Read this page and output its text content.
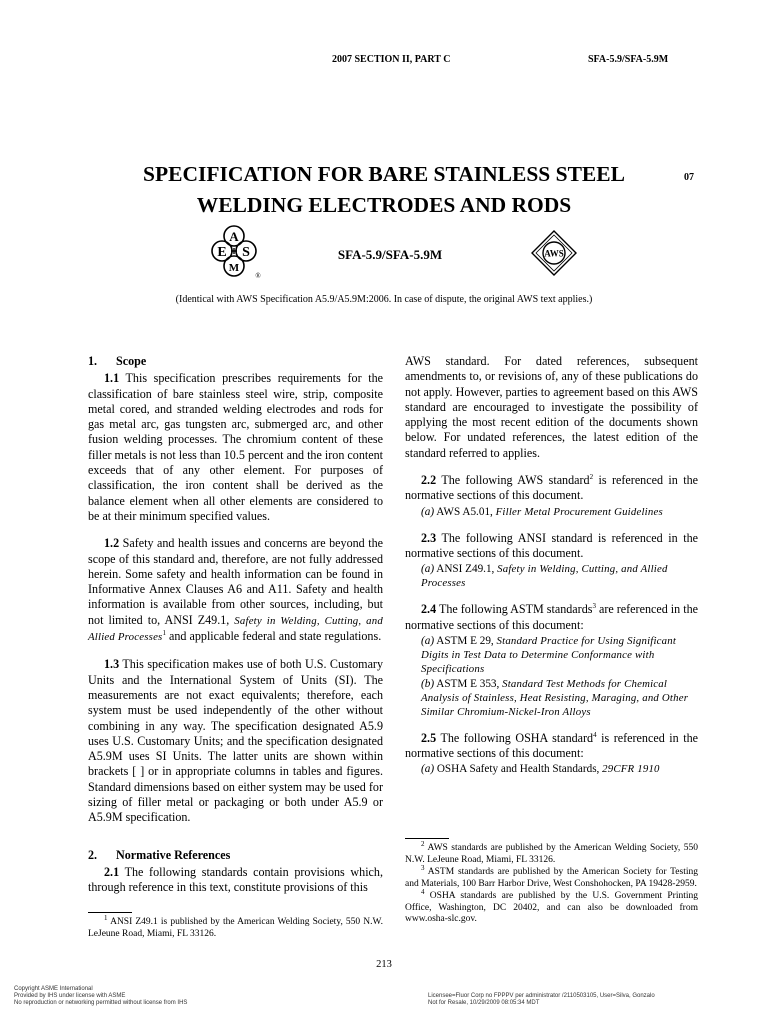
2007 SECTION II, PART C	SFA-5.9/SFA-5.9M
SPECIFICATION FOR BARE STAINLESS STEEL
WELDING ELECTRODES AND RODS
07
A
E S
M
®
SFA-5.9/SFA-5.9M	AWS
(Identical with AWS Specification A5.9/A5.9M:2006. In case of dispute, the original AWS text applies.)

1. Scope

1.1 This specification prescribes requirements for the classification of bare stainless steel wire, strip, composite metal cored, and stranded welding electrodes and rods for gas metal arc, gas tungsten arc, submerged arc, and other fusion welding processes. The chromium content of these filler metals is not less than 10.5 percent and the iron content exceeds that of any other element. For purposes of classification, the iron content shall be derived as the balance element when all other elements are considered to be at their minimum specified values.

1.2 Safety and health issues and concerns are beyond the scope of this standard and, therefore, are not fully addressed herein. Some safety and health information can be found in Informative Annex Clauses A6 and A11. Safety and health information is available from other sources, including, but not limited to, ANSI Z49.1, Safety in Welding, Cutting, and Allied Processes$^1$ and applicable federal and state regulations.

1.3 This specification makes use of both U.S. Customary Units and the International System of Units (SI). The measurements are not exact equivalents; therefore, each system must be used independently of the other without combining in any way. The specification designated A5.9 uses U.S. Customary Units; and the specification designated A5.9M uses SI Units. The latter units are shown within brackets [ ] or in appropriate columns in tables and figures. Standard dimensions based on either system may be used for sizing of filler metal or packaging or both under A5.9 or A5.9M specification.

2. Normative References

2.1 The following standards contain provisions which, through reference in this text, constitute provisions of this

$^1$ ANSI Z49.1 is published by the American Welding Society, 550 N.W. LeJeune Road, Miami, FL 33126.

AWS standard. For dated references, subsequent amendments to, or revisions of, any of these publications do not apply. However, parties to agreement based on this AWS standard are encouraged to investigate the possibility of applying the most recent edition of the documents shown below. For undated references, the latest edition of the standard referred to applies.

2.2 The following AWS standard$^2$ is referenced in the normative sections of this document.

(a) AWS A5.01, Filler Metal Procurement Guidelines

2.3 The following ANSI standard is referenced in the normative sections of this document.

(a) ANSI Z49.1, Safety in Welding, Cutting, and Allied Processes

2.4 The following ASTM standards$^3$ are referenced in the normative sections of this document:

(a) ASTM E 29, Standard Practice for Using Significant Digits in Test Data to Determine Conformance with Specifications

(b) ASTM E 353, Standard Test Methods for Chemical Analysis of Stainless, Heat Resisting, Maraging, and Other Similar Chromium-Nickel-Iron Alloys

2.5 The following OSHA standard$^4$ is referenced in the normative sections of this document:

(a) OSHA Safety and Health Standards, 29CFR 1910

$^2$ AWS standards are published by the American Welding Society, 550 N.W. LeJeune Road, Miami, FL 33126.

$^3$ ASTM standards are published by the American Society for Testing and Materials, 100 Barr Harbor Drive, West Conshohocken, PA 19428-2959.

$^4$ OSHA standards are published by the U.S. Government Printing Office, Washington, DC 20402, and can also be downloaded from www.osha-slc.gov.

213
Copyright ASME International
Provided by IHS under license with ASME
No reproduction or networking permitted without license from IHS
Licensee=Fluor Corp no FPPPV per administrator /2110503105, User=Silva, Gonzalo
Not for Resale, 10/29/2009 08:05:34 MDT
